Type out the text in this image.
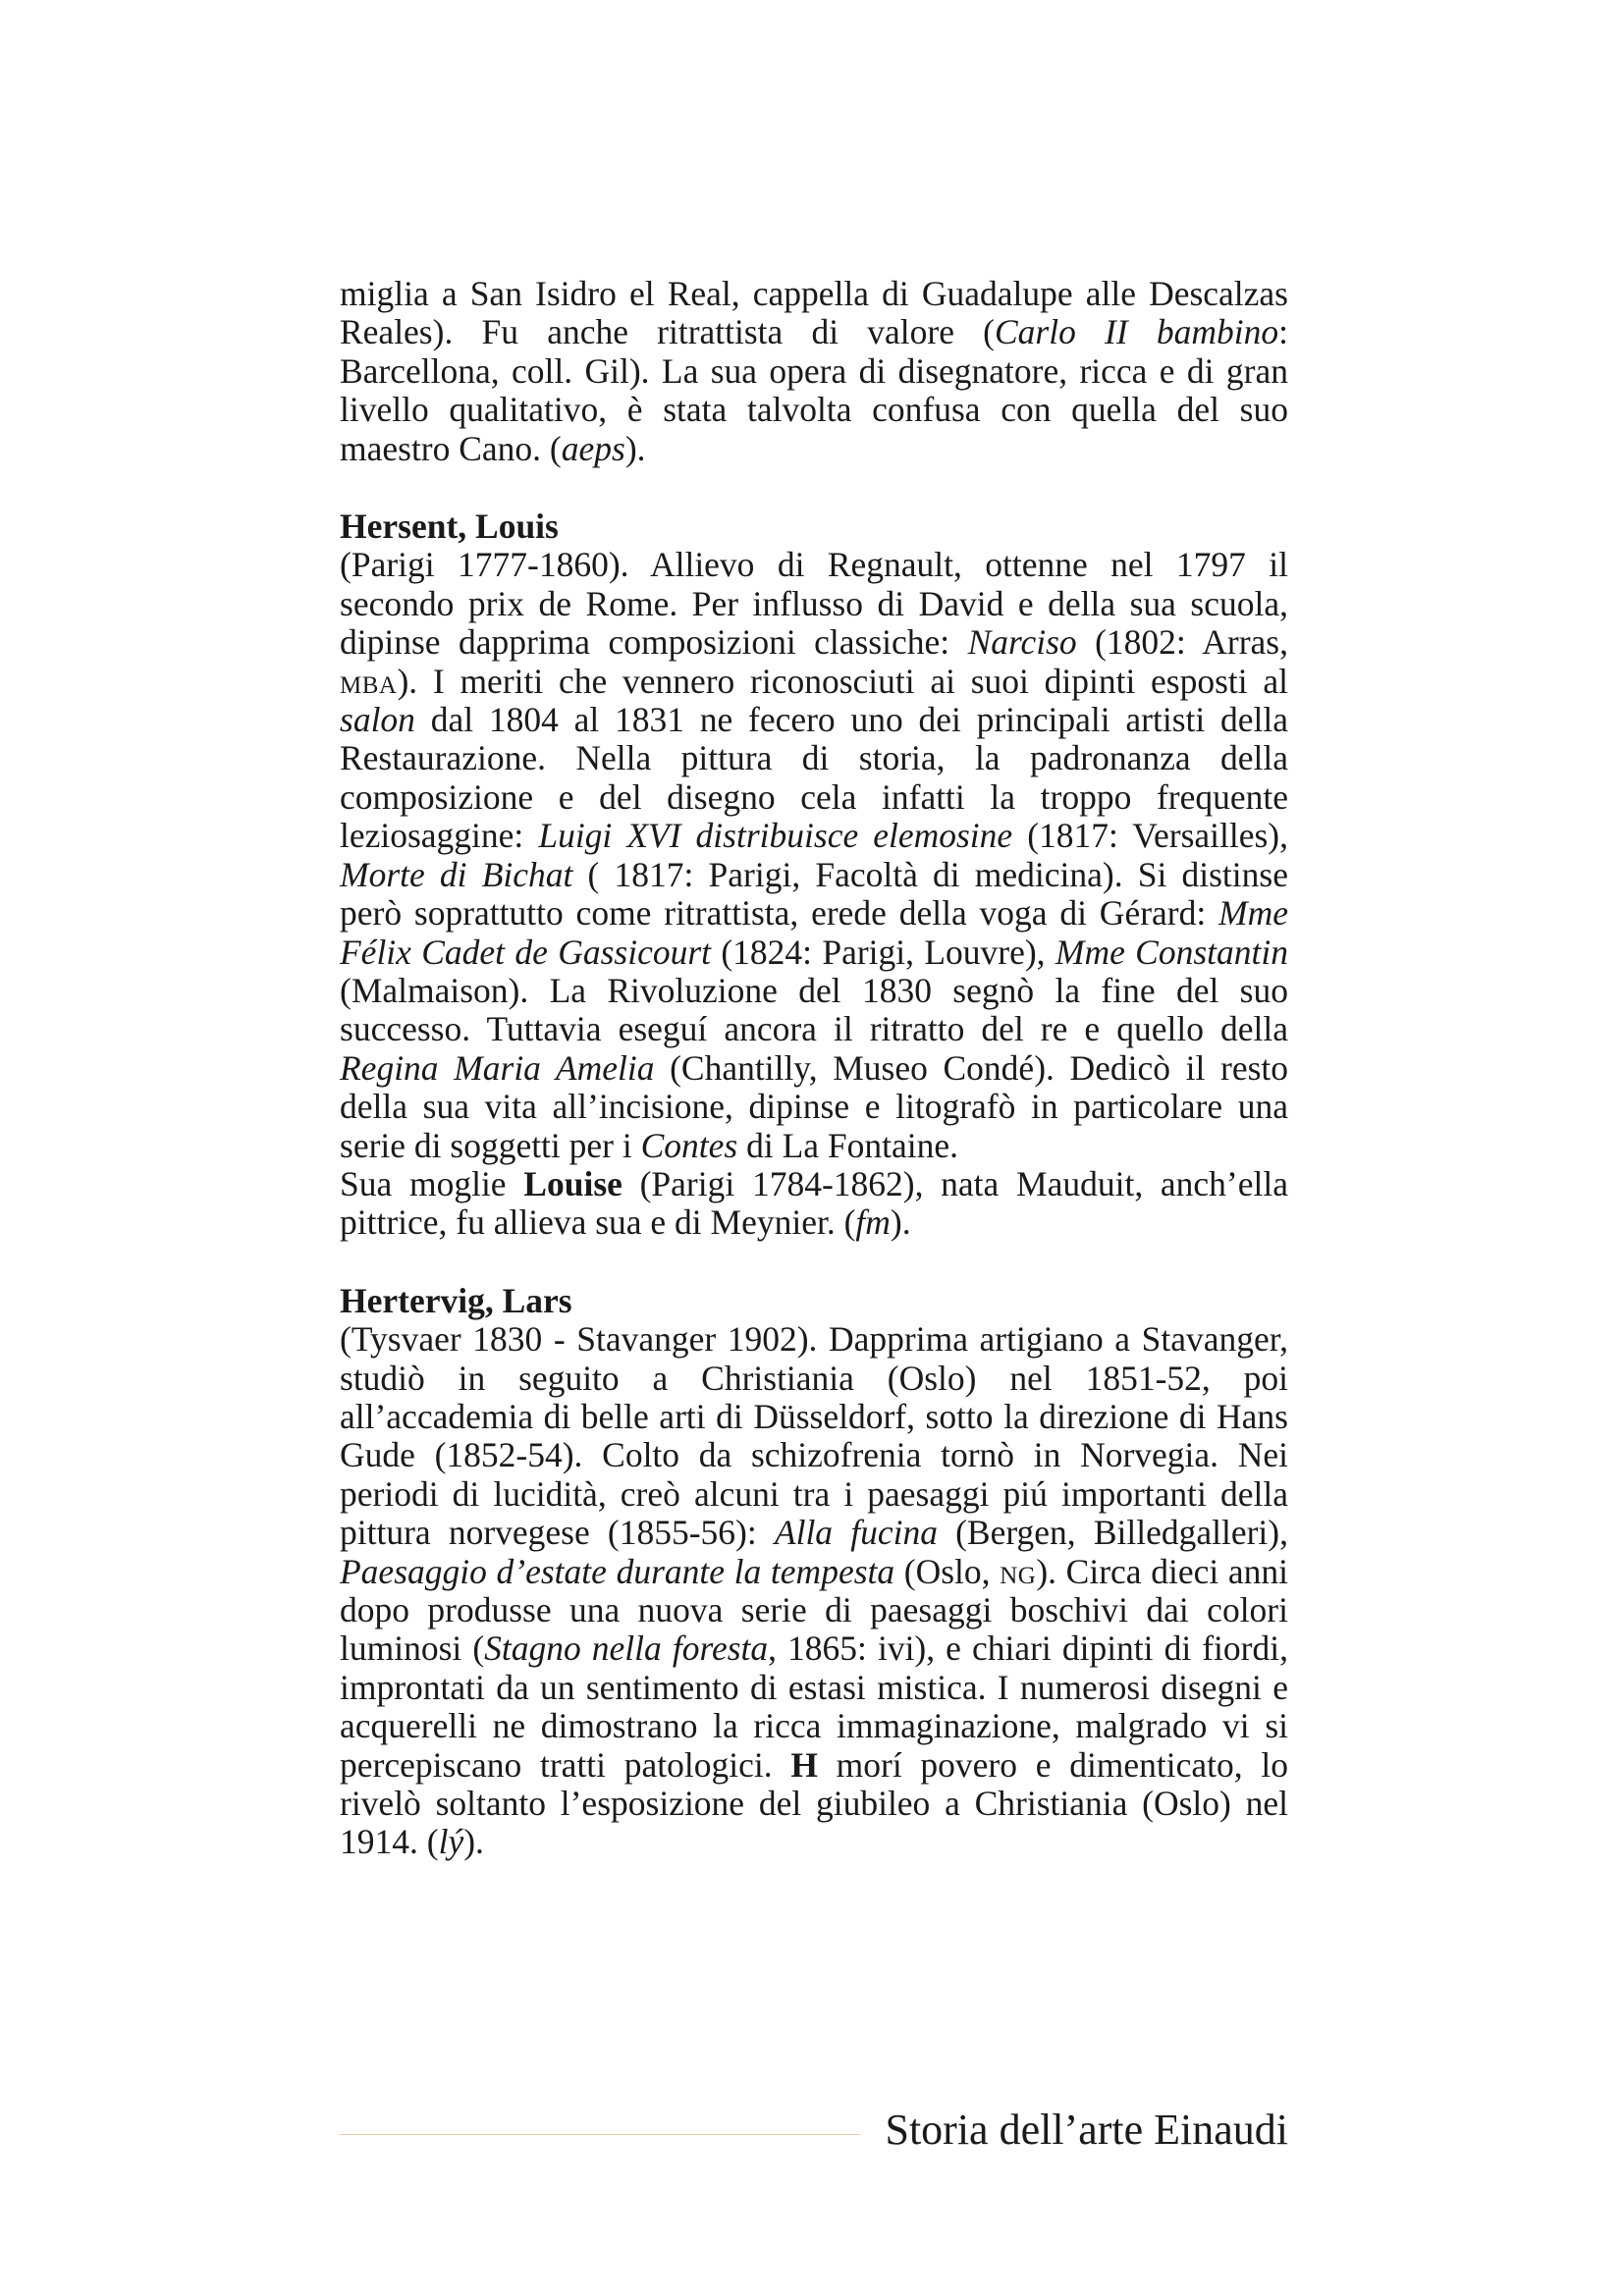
miglia a San Isidro el Real, cappella di Guadalupe alle Descalzas Reales). Fu anche ritrattista di valore (Carlo II bambino: Barcellona, coll. Gil). La sua opera di disegnatore, ricca e di gran livello qualitativo, è stata talvolta confusa con quella del suo maestro Cano. (aeps).

Hersent, Louis

(Parigi 1777-1860). Allievo di Regnault, ottenne nel 1797 il secondo prix de Rome. Per influsso di David e della sua scuola, dipinse dapprima composizioni classiche: Narciso (1802: Arras, mba). I meriti che vennero riconosciuti ai suoi dipinti esposti al salon dal 1804 al 1831 ne fecero uno dei principali artisti della Restaurazione. Nella pittura di storia, la padronanza della composizione e del disegno cela infatti la troppo frequente leziosaggine: Luigi XVI distribuisce elemosine (1817: Versailles), Morte di Bichat ( 1817: Parigi, Facoltà di medicina). Si distinse però soprattutto come ritrattista, erede della voga di Gérard: Mme Félix Cadet de Gassicourt (1824: Parigi, Louvre), Mme Constantin (Malmaison). La Rivoluzione del 1830 segnò la fine del suo successo. Tuttavia eseguí ancora il ritratto del re e quello della Regina Maria Amelia (Chantilly, Museo Condé). Dedicò il resto della sua vita all’incisione, dipinse e litografò in particolare una serie di soggetti per i Contes di La Fontaine.

Sua moglie Louise (Parigi 1784-1862), nata Mauduit, anch’ella pittrice, fu allieva sua e di Meynier. (fm).

Hertervig, Lars

(Tysvaer 1830 - Stavanger 1902). Dapprima artigiano a Stavanger, studiò in seguito a Christiania (Oslo) nel 1851-52, poi all’accademia di belle arti di Düsseldorf, sotto la direzione di Hans Gude (1852-54). Colto da schizofrenia tornò in Norvegia. Nei periodi di lucidità, creò alcuni tra i paesaggi piú importanti della pittura norvegese (1855-56): Alla fucina (Bergen, Billedgalleri), Paesaggio d’estate durante la tempesta (Oslo, ng). Circa dieci anni dopo produsse una nuova serie di paesaggi boschivi dai colori luminosi (Stagno nella foresta, 1865: ivi), e chiari dipinti di fiordi, improntati da un sentimento di estasi mistica. I numerosi disegni e acquerelli ne dimostrano la ricca immaginazione, malgrado vi si percepiscano tratti patologici. H morí povero e dimenticato, lo rivelò soltanto l’esposizione del giubileo a Christiania (Oslo) nel 1914. (lý).

Storia dell’arte Einaudi
